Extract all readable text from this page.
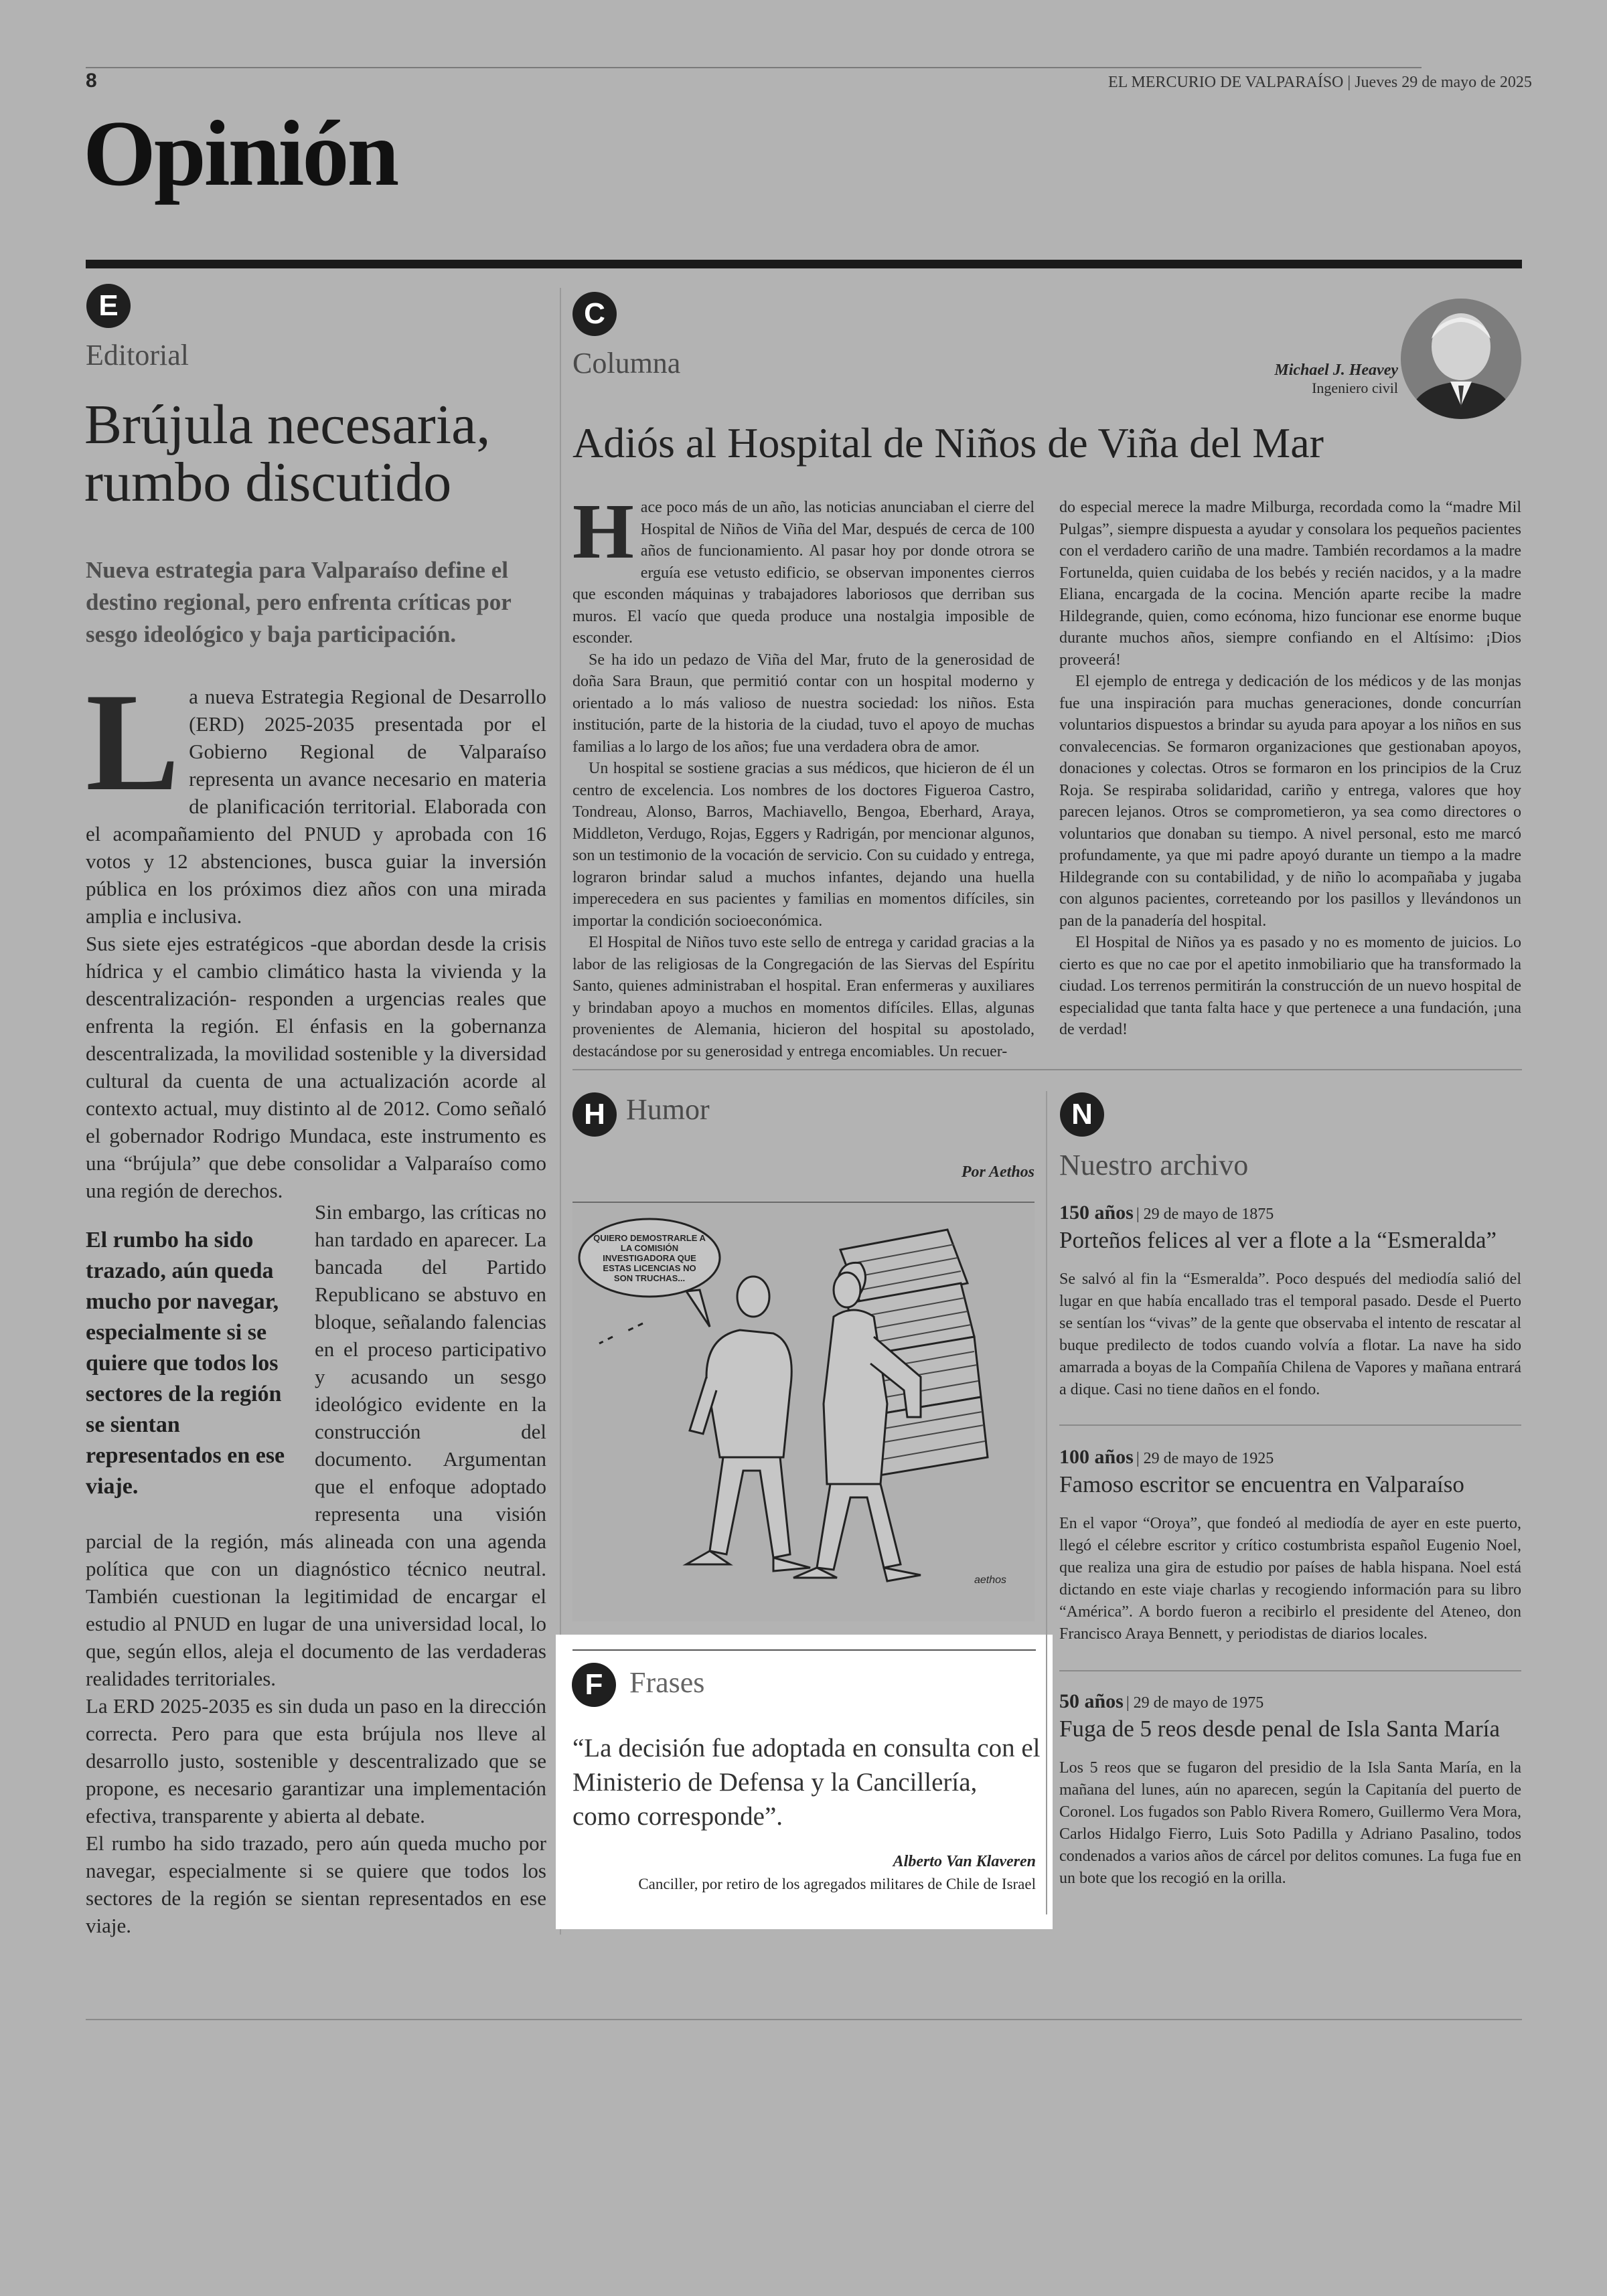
8	EL MERCURIO DE VALPARAÍSO | Jueves 29 de mayo de 2025
Opinión
E
Editorial
Brújula necesaria,
rumbo discutido
Nueva estrategia para Valparaíso define el destino regional, pero enfrenta críticas por sesgo ideológico y baja participación.
L a nueva Estrategia Regional de Desarrollo (ERD) 2025-2035 presentada por el Gobierno Regional de Valparaíso representa un avance necesario en materia de planificación territorial. Elaborada con el acompañamiento del PNUD y aprobada con 16 votos y 12 abstenciones, busca guiar la inversión pública en los próximos diez años con una mirada amplia e inclusiva.

Sus siete ejes estratégicos -que abordan desde la crisis hídrica y el cambio climático hasta la vivienda y la descentralización- responden a urgencias reales que enfrenta la región. El énfasis en la gobernanza descentralizada, la movilidad sostenible y la diversidad cultural da cuenta de una actualización acorde al contexto actual, muy distinto al de 2012. Como señaló el gobernador Rodrigo Mundaca, este instrumento es una “brújula” que debe consolidar a Valparaíso como una región de derechos.

El rumbo ha sido trazado, aún queda mucho por navegar, especialmente si se quiere que todos los sectores de la región se sientan representados en ese viaje.

Sin embargo, las críticas no han tardado en aparecer. La bancada del Partido Republicano se abstuvo en bloque, señalando falencias en el proceso participativo y acusando un sesgo ideológico evidente en la construcción del documento. Argumentan que el enfoque adoptado representa una visión parcial de la región, más alineada con una agenda política que con un diagnóstico técnico neutral. También cuestionan la legitimidad de encargar el estudio al PNUD en lugar de una universidad local, lo que, según ellos, aleja el documento de las verdaderas realidades territoriales.

La ERD 2025-2035 es sin duda un paso en la dirección correcta. Pero para que esta brújula nos lleve al desarrollo justo, sostenible y descentralizado que se propone, es necesario garantizar una implementación efectiva, transparente y abierta al debate.

El rumbo ha sido trazado, pero aún queda mucho por navegar, especialmente si se quiere que todos los sectores de la región se sientan representados en ese viaje.

C
Columna	Michael J. Heavey
Ingeniero civil
Adiós al Hospital de Niños de Viña del Mar
H ace poco más de un año, las noticias anunciaban el cierre del Hospital de Niños de Viña del Mar, después de cerca de 100 años de funcionamiento. Al pasar hoy por donde otrora se erguía ese vetusto edificio, se observan imponentes cierros que esconden máquinas y trabajadores laboriosos que derriban sus muros. El vacío que queda produce una nostalgia imposible de esconder.

Se ha ido un pedazo de Viña del Mar, fruto de la generosidad de doña Sara Braun, que permitió contar con un hospital moderno y orientado a lo más valioso de nuestra sociedad: los niños. Esta institución, parte de la historia de la ciudad, tuvo el apoyo de muchas familias a lo largo de los años; fue una verdadera obra de amor.

Un hospital se sostiene gracias a sus médicos, que hicieron de él un centro de excelencia. Los nombres de los doctores Figueroa Castro, Tondreau, Alonso, Barros, Machiavello, Bengoa, Eberhard, Araya, Middleton, Verdugo, Rojas, Eggers y Radrigán, por mencionar algunos, son un testimonio de la vocación de servicio. Con su cuidado y entrega, lograron brindar salud a muchos infantes, dejando una huella imperecedera en sus pacientes y familias en momentos difíciles, sin importar la condición socioeconómica.

El Hospital de Niños tuvo este sello de entrega y caridad gracias a la labor de las religiosas de la Congregación de las Siervas del Espíritu Santo, quienes administraban el hospital. Eran enfermeras y auxiliares y brindaban apoyo a muchos en momentos difíciles. Ellas, algunas provenientes de Alemania, hicieron del hospital su apostolado, destacándose por su generosidad y entrega encomiables. Un recuer-

do especial merece la madre Milburga, recordada como la “madre Mil Pulgas”, siempre dispuesta a ayudar y consolara los pequeños pacientes con el verdadero cariño de una madre. También recordamos a la madre Fortunelda, quien cuidaba de los bebés y recién nacidos, y a la madre Eliana, encargada de la cocina. Mención aparte recibe la madre Hildegrande, quien, como ecónoma, hizo funcionar ese enorme buque durante muchos años, siempre confiando en el Altísimo: ¡Dios proveerá!

El ejemplo de entrega y dedicación de los médicos y de las monjas fue una inspiración para muchas generaciones, donde concurrían voluntarios dispuestos a brindar su ayuda para apoyar a los niños en sus convalecencias. Se formaron organizaciones que gestionaban apoyos, donaciones y colectas. Otros se formaron en los principios de la Cruz Roja. Se respiraba solidaridad, cariño y entrega, valores que hoy parecen lejanos. Otros se comprometieron, ya sea como directores o voluntarios que donaban su tiempo. A nivel personal, esto me marcó profundamente, ya que mi padre apoyó durante un tiempo a la madre Hildegrande con su contabilidad, y de niño lo acompañaba y jugaba con algunos pacientes, correteando por los pasillos y llevándonos un pan de la panadería del hospital.

El Hospital de Niños ya es pasado y no es momento de juicios. Lo cierto es que no cae por el apetito inmobiliario que ha transformado la ciudad. Los terrenos permitirán la construcción de un nuevo hospital de especialidad que tanta falta hace y que pertenece a una fundación, ¡una de verdad!

H Humor
Por Aethos
QUIERO DEMOSTRARLE A LA COMISIÓN INVESTIGADORA QUE ESTAS LICENCIAS NO SON TRUCHAS...
aethos
F Frases
“La decisión fue adoptada en consulta con el Ministerio de Defensa y la Cancillería, como corresponde”.
Alberto Van Klaveren
Canciller, por retiro de los agregados militares de Chile de Israel
N
Nuestro archivo
150 años | 29 de mayo de 1875
Porteños felices al ver a flote a la “Esmeralda”
Se salvó al fin la “Esmeralda”. Poco después del mediodía salió del lugar en que había encallado tras el temporal pasado. Desde el Puerto se sentían los “vivas” de la gente que observaba el intento de rescatar al buque predilecto de todos cuando volvía a flotar. La nave ha sido amarrada a boyas de la Compañía Chilena de Vapores y mañana entrará a dique. Casi no tiene daños en el fondo.
100 años | 29 de mayo de 1925
Famoso escritor se encuentra en Valparaíso
En el vapor “Oroya”, que fondeó al mediodía de ayer en este puerto, llegó el célebre escritor y crítico costumbrista español Eugenio Noel, que realiza una gira de estudio por países de habla hispana. Noel está dictando en este viaje charlas y recogiendo información para su libro “América”. A bordo fueron a recibirlo el presidente del Ateneo, don Francisco Araya Bennett, y periodistas de diarios locales.
50 años | 29 de mayo de 1975
Fuga de 5 reos desde penal de Isla Santa María
Los 5 reos que se fugaron del presidio de la Isla Santa María, en la mañana del lunes, aún no aparecen, según la Capitanía del puerto de Coronel. Los fugados son Pablo Rivera Romero, Guillermo Vera Mora, Carlos Hidalgo Fierro, Luis Soto Padilla y Adriano Pasalino, todos condenados a varios años de cárcel por delitos comunes. La fuga fue en un bote que los recogió en la orilla.
